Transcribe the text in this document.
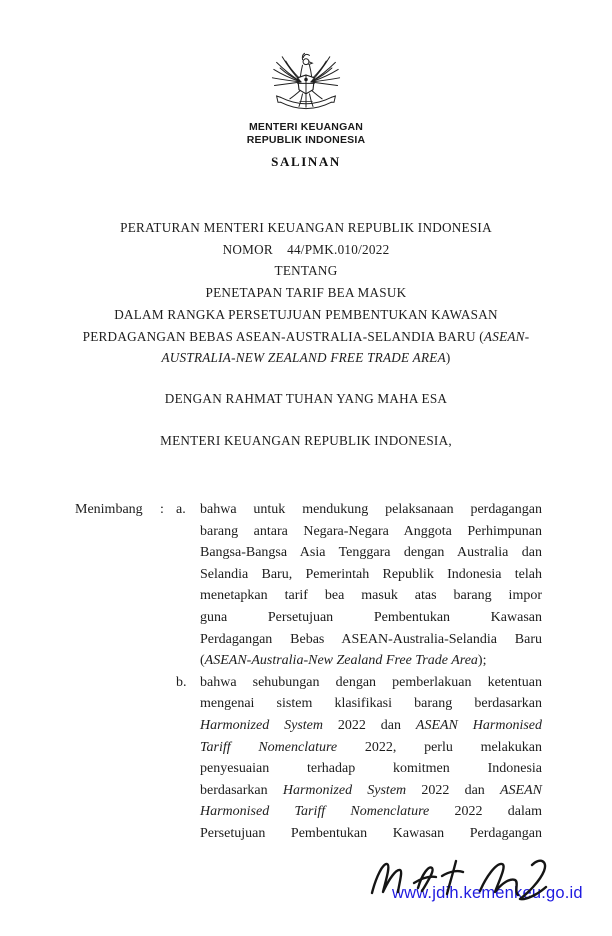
MENTERI KEUANGAN
REPUBLIK INDONESIA
SALINAN
PERATURAN MENTERI KEUANGAN REPUBLIK INDONESIA
NOMOR    44/PMK.010/2022
TENTANG
PENETAPAN TARIF BEA MASUK
DALAM RANGKA PERSETUJUAN PEMBENTUKAN KAWASAN
PERDAGANGAN BEBAS ASEAN-AUSTRALIA-SELANDIA BARU (ASEAN-
AUSTRALIA-NEW ZEALAND FREE TRADE AREA)
DENGAN RAHMAT TUHAN YANG MAHA ESA
MENTERI KEUANGAN REPUBLIK INDONESIA,
Menimbang : a. bahwa untuk mendukung pelaksanaan perdagangan
barang antara Negara-Negara Anggota Perhimpunan
Bangsa-Bangsa Asia Tenggara dengan Australia dan
Selandia Baru, Pemerintah Republik Indonesia telah
menetapkan tarif bea masuk atas barang impor
guna Persetujuan Pembentukan Kawasan
Perdagangan Bebas ASEAN-Australia-Selandia Baru
(ASEAN-Australia-New Zealand Free Trade Area);
b. bahwa sehubungan dengan pemberlakuan ketentuan
mengenai sistem klasifikasi barang berdasarkan
Harmonized System 2022 dan ASEAN Harmonised
Tariff Nomenclature 2022, perlu melakukan
penyesuaian terhadap komitmen Indonesia
berdasarkan Harmonized System 2022 dan ASEAN
Harmonised Tariff Nomenclature 2022 dalam
Persetujuan Pembentukan Kawasan Perdagangan
www.jdih.kemenkeu.go.id
